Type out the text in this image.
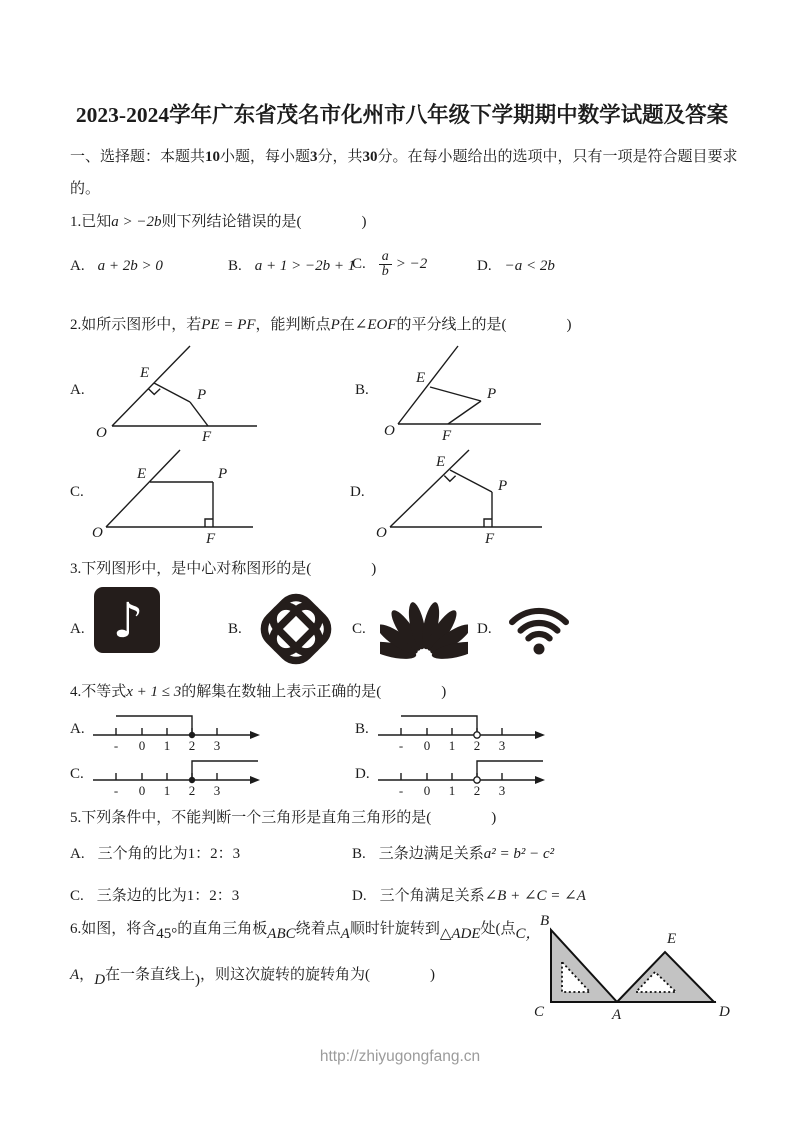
2023-2024学年广东省茂名市化州市八年级下学期期中数学试题及答案

一、选择题：本题共10小题，每小题3分，共30分。在每小题给出的选项中，只有一项是符合题目要求的。

1.已知a > −2b则下列结论错误的是(　　　　)

A. a + 2b > 0	B. a + 1 > −2b + 1
C. $\frac{a}{b} > -2$	D. −a < 2b

2.如所示图形中，若PE = PF，能判断点P在∠EOF的平分线上的是(　　　　)

A.
O
E
P
F
B.
O
E
P
F
C.
O
E	P
F
D.
O
E
P
F

3.下列图形中，是中心对称图形的是(　　　　)

A. ♪	B.	C.	D.

4.不等式x + 1 ≤ 3的解集在数轴上表示正确的是(　　　　)

A.
- 0 1 2 3
B.
- 0 1 2 3
C.
- 0 1 2 3
D.
- 0 1 2 3

5.下列条件中，不能判断一个三角形是直角三角形的是(　　　　)

A. 三个角的比为1：2：3	B. 三条边满足关系a² = b² − c²
C. 三条边的比为1：2：3	D. 三个角满足关系∠B + ∠C = ∠A

6.如图，将含45°的直角三角板ABC绕着点A顺时针旋转到△ADE处(点C，

A，D在一条直线上)，则这次旋转的旋转角为(　　　　)

B
C	A
E
D

http://zhiyugongfang.cn
